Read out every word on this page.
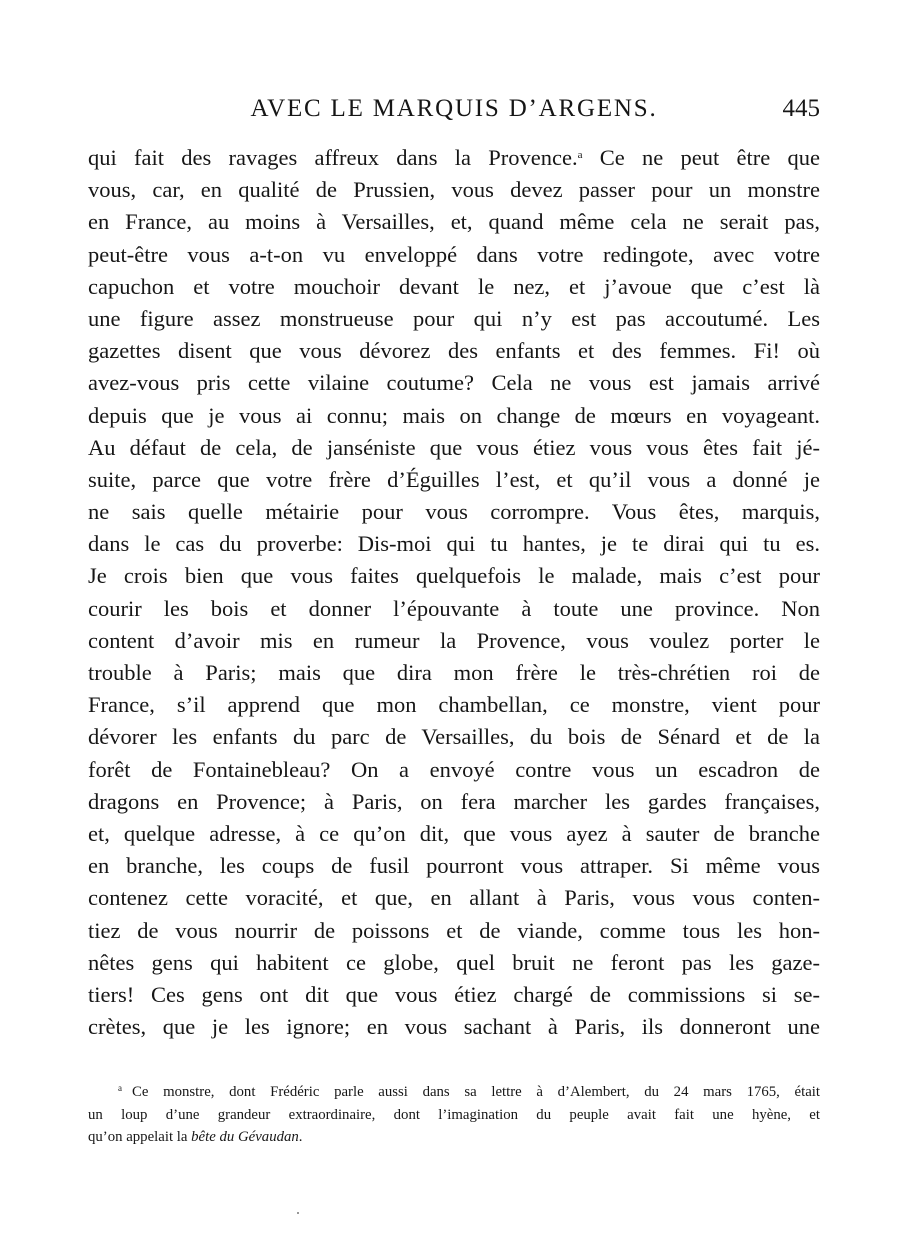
AVEC LE MARQUIS D’ARGENS.	445
qui fait des ravages affreux dans la Provence.$^a$ Ce ne peut être que
vous, car, en qualité de Prussien, vous devez passer pour un monstre
en France, au moins à Versailles, et, quand même cela ne serait pas,
peut-être vous a-t-on vu enveloppé dans votre redingote, avec votre
capuchon et votre mouchoir devant le nez, et j’avoue que c’est là
une figure assez monstrueuse pour qui n’y est pas accoutumé. Les
gazettes disent que vous dévorez des enfants et des femmes. Fi! où
avez-vous pris cette vilaine coutume? Cela ne vous est jamais arrivé
depuis que je vous ai connu; mais on change de mœurs en voyageant.
Au défaut de cela, de janséniste que vous étiez vous vous êtes fait jé-
suite, parce que votre frère d’Éguilles l’est, et qu’il vous a donné je
ne sais quelle métairie pour vous corrompre. Vous êtes, marquis,
dans le cas du proverbe: Dis-moi qui tu hantes, je te dirai qui tu es.
Je crois bien que vous faites quelquefois le malade, mais c’est pour
courir les bois et donner l’épouvante à toute une province. Non
content d’avoir mis en rumeur la Provence, vous voulez porter le
trouble à Paris; mais que dira mon frère le très-chrétien roi de
France, s’il apprend que mon chambellan, ce monstre, vient pour
dévorer les enfants du parc de Versailles, du bois de Sénard et de la
forêt de Fontainebleau? On a envoyé contre vous un escadron de
dragons en Provence; à Paris, on fera marcher les gardes françaises,
et, quelque adresse, à ce qu’on dit, que vous ayez à sauter de branche
en branche, les coups de fusil pourront vous attraper. Si même vous
contenez cette voracité, et que, en allant à Paris, vous vous conten-
tiez de vous nourrir de poissons et de viande, comme tous les hon-
nêtes gens qui habitent ce globe, quel bruit ne feront pas les gaze-
tiers! Ces gens ont dit que vous étiez chargé de commissions si se-
crètes, que je les ignore; en vous sachant à Paris, ils donneront une
$^a$ Ce monstre, dont Frédéric parle aussi dans sa lettre à d’Alembert, du 24 mars 1765, était
un loup d’une grandeur extraordinaire, dont l’imagination du peuple avait fait une hyène, et
qu’on appelait la bête du Gévaudan.
